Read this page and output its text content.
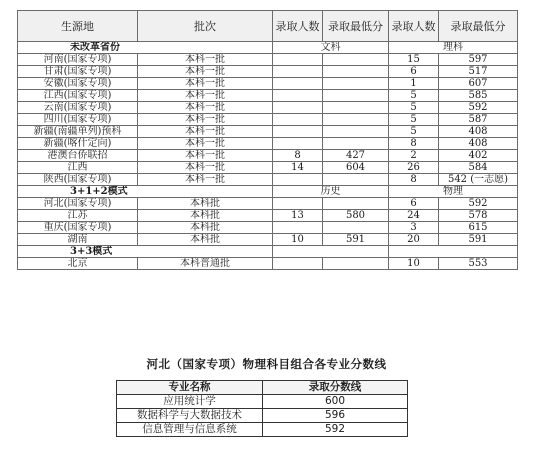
生源地	批次	录取人数	录取最低分	录取人数	录取最低分
未改革省份		文科		理科	
河南(国家专项)	本科一批			15	597
甘肃(国家专项)	本科一批			6	517
安徽(国家专项)	本科一批			1	607
江西(国家专项)	本科一批			5	585
云南(国家专项)	本科一批			5	592
四川(国家专项)	本科一批			5	587
新疆(南疆单列)预科	本科一批			5	408
新疆(喀什定向)	本科一批			8	408
港澳台侨联招	本科一批	8	427	2	402
江西	本科一批	14	604	26	584
陕西(国家专项)	本科一批			8	542 (一志愿)
3+1+2模式		历史		物理	
河北(国家专项)	本科批			6	592
江苏	本科批	13	580	24	578
重庆(国家专项)	本科批			3	615
湖南	本科批	10	591	20	591
3+3模式					
北京	本科普通批			10	553
河北（国家专项）物理科目组合各专业分数线
专业名称	录取分数线
应用统计学	600
数据科学与大数据技术	596
信息管理与信息系统	592
